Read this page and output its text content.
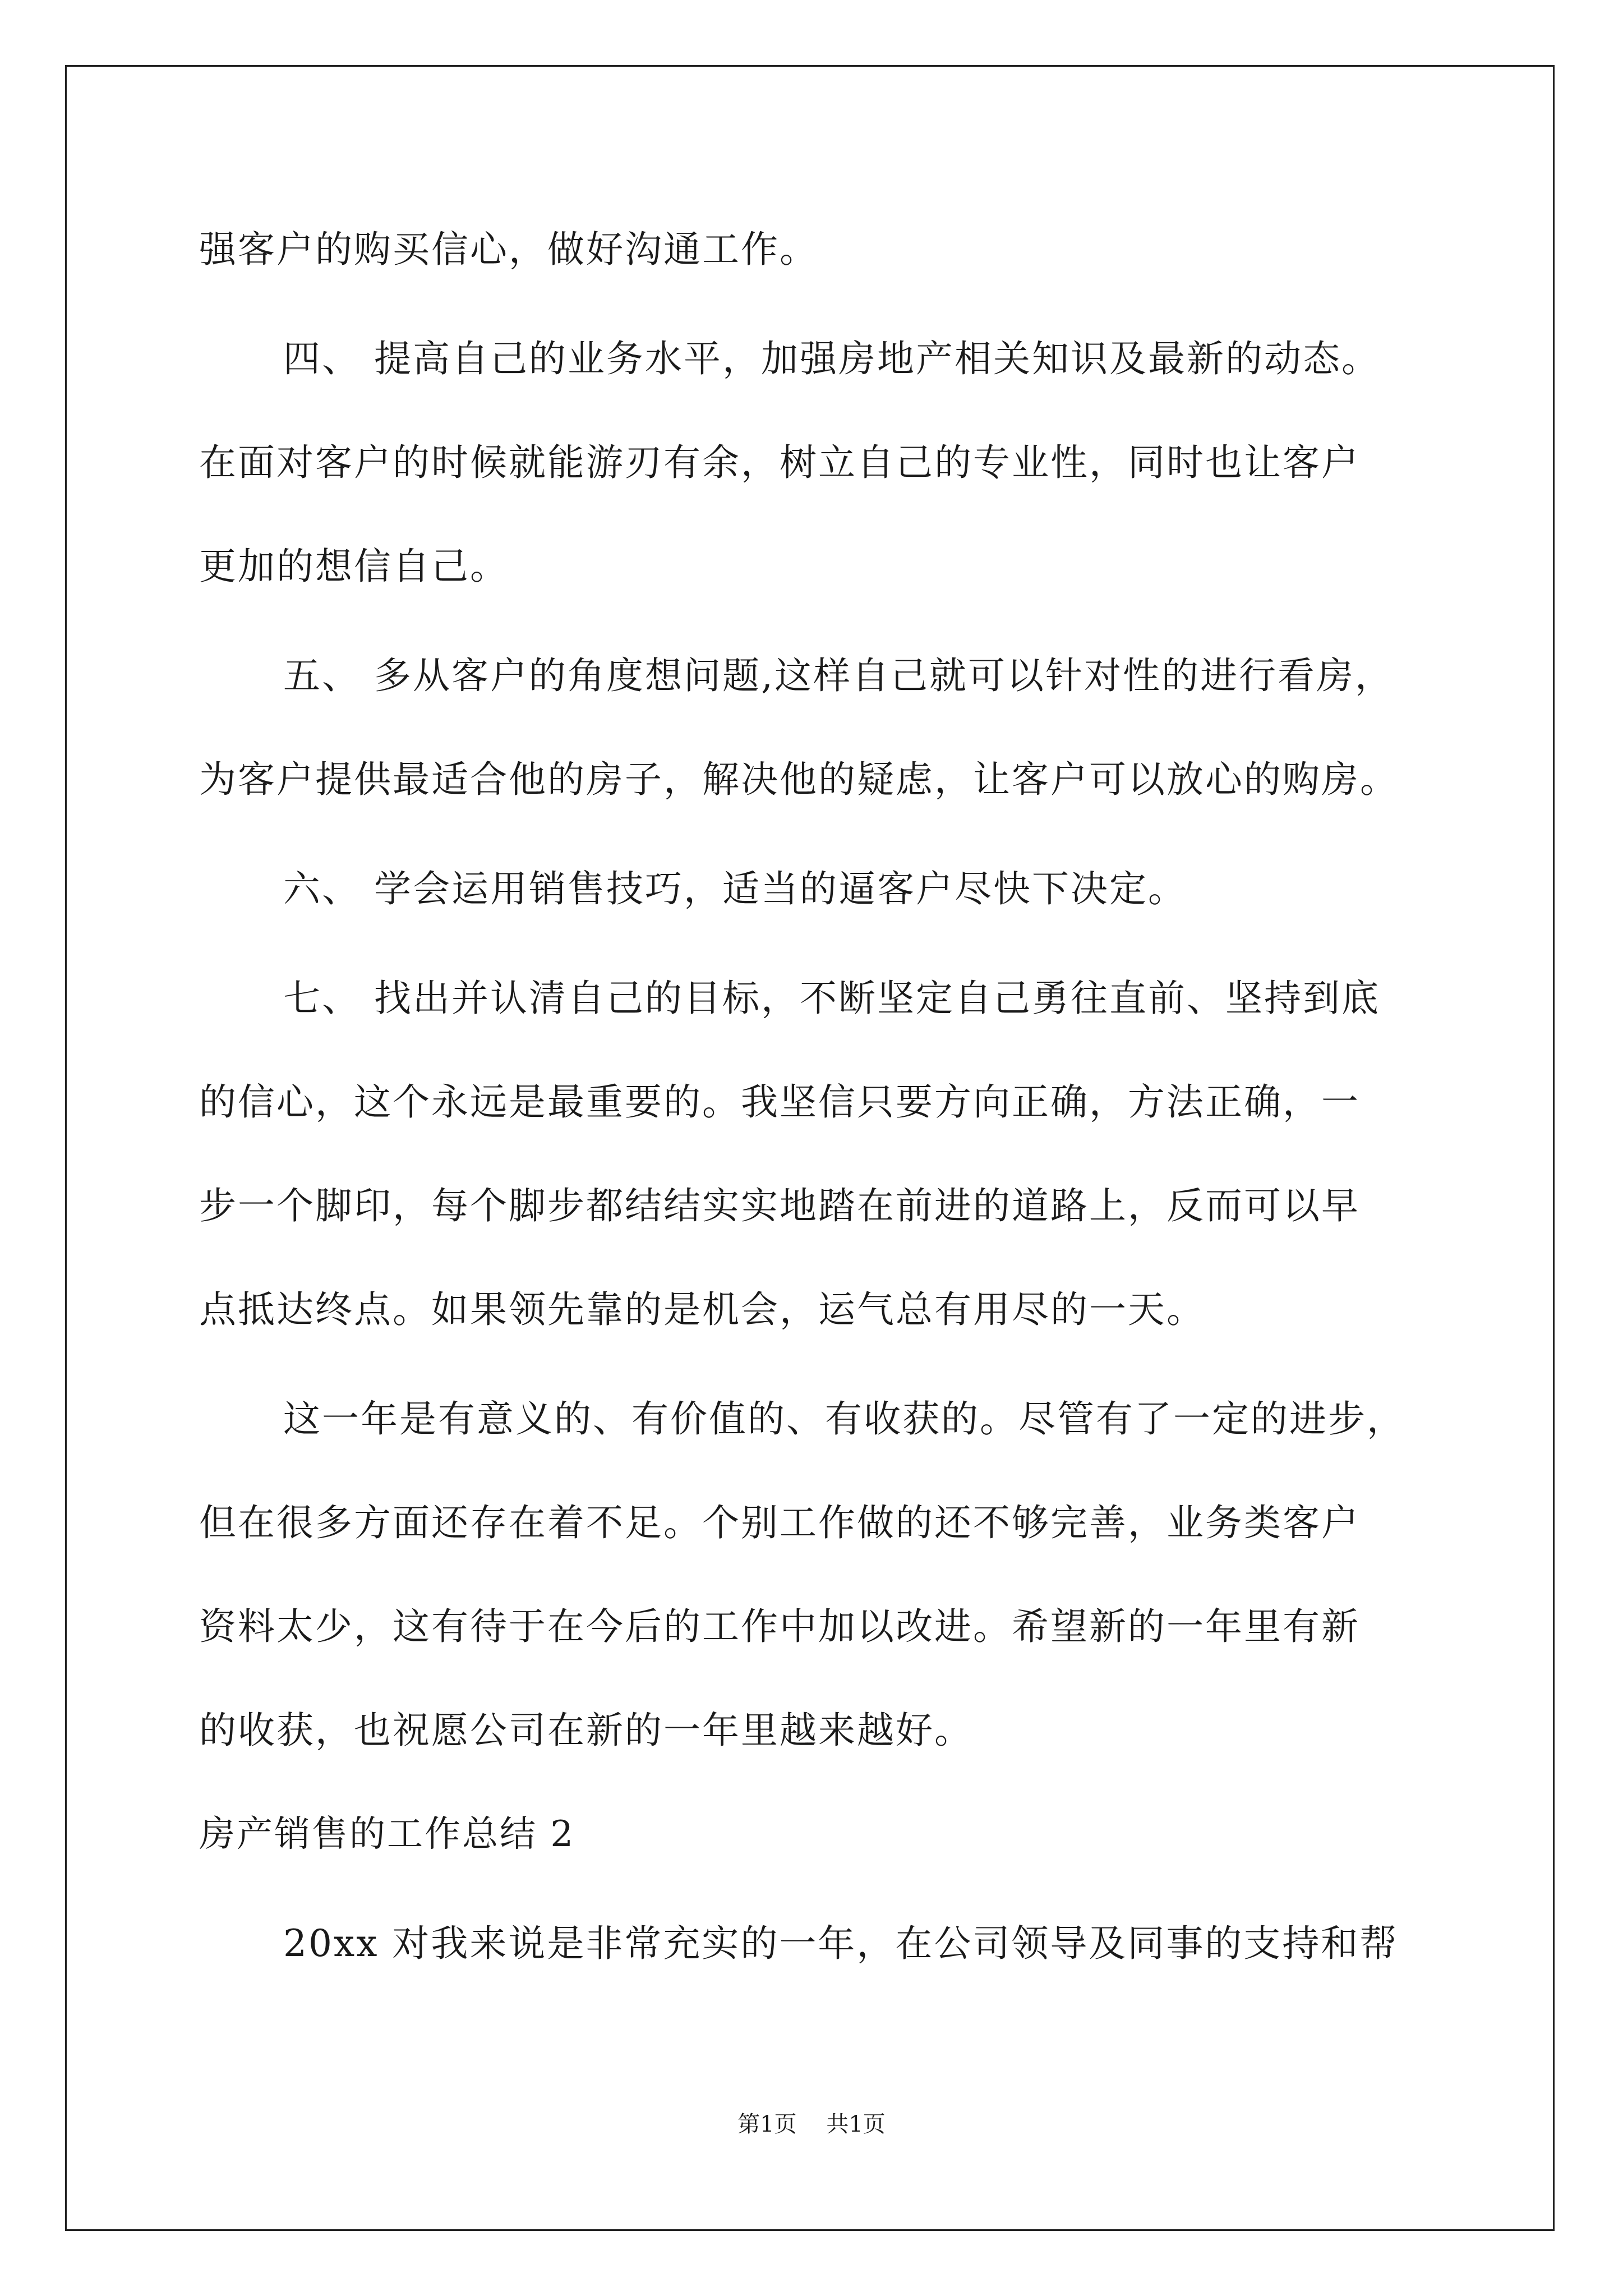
强客户的购买信心，做好沟通工作。
四、 提高自己的业务水平，加强房地产相关知识及最新的动态。
在面对客户的时候就能游刃有余，树立自己的专业性，同时也让客户
更加的想信自己。
五、 多从客户的角度想问题,这样自己就可以针对性的进行看房，
为客户提供最适合他的房子，解决他的疑虑，让客户可以放心的购房。
六、 学会运用销售技巧，适当的逼客户尽快下决定。
七、 找出并认清自己的目标，不断坚定自己勇往直前、坚持到底
的信心，这个永远是最重要的。我坚信只要方向正确，方法正确，一
步一个脚印，每个脚步都结结实实地踏在前进的道路上，反而可以早
点抵达终点。如果领先靠的是机会，运气总有用尽的一天。
这一年是有意义的、有价值的、有收获的。尽管有了一定的进步，
但在很多方面还存在着不足。个别工作做的还不够完善，业务类客户
资料太少，这有待于在今后的工作中加以改进。希望新的一年里有新
的收获，也祝愿公司在新的一年里越来越好。
房产销售的工作总结 2
20xx 对我来说是非常充实的一年，在公司领导及同事的支持和帮
第1页 共1页
